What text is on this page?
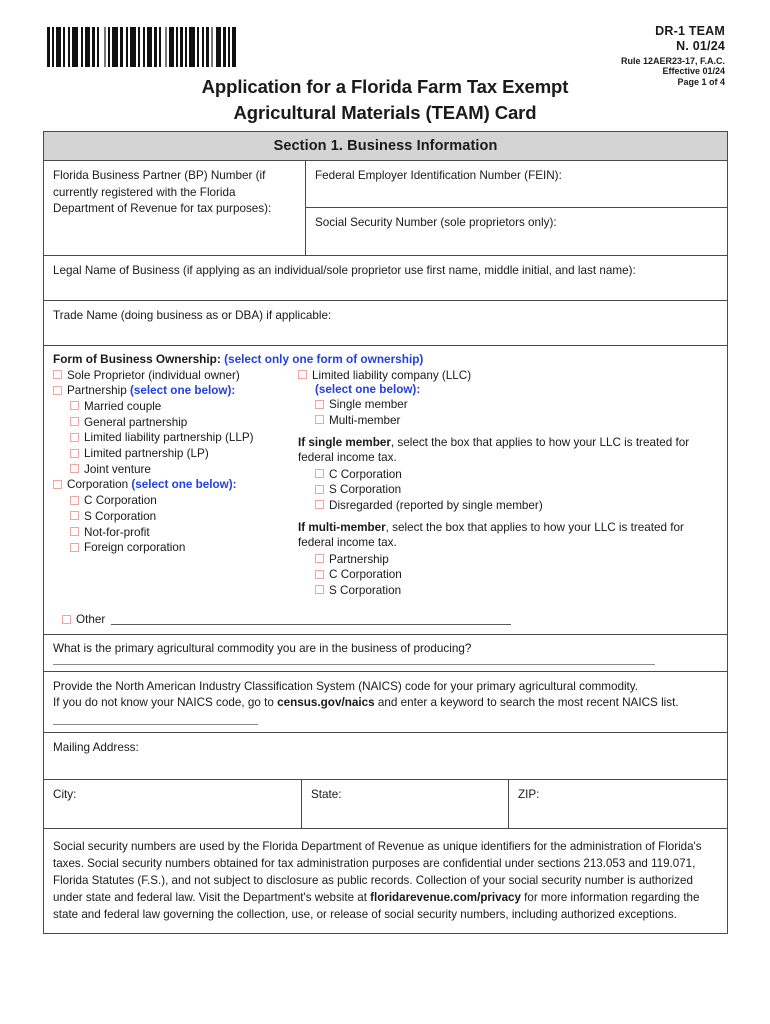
DR-1 TEAM
N. 01/24
Rule 12AER23-17, F.A.C.
Effective 01/24
Page 1 of 4
Application for a Florida Farm Tax Exempt
Agricultural Materials (TEAM) Card
Section 1. Business Information
Florida Business Partner (BP) Number (if currently registered with the Florida Department of Revenue for tax purposes):
Federal Employer Identification Number (FEIN):
Social Security Number (sole proprietors only):
Legal Name of Business (if applying as an individual/sole proprietor use first name, middle initial, and last name):
Trade Name (doing business as or DBA) if applicable:
Form of Business Ownership: (select only one form of ownership)
Sole Proprietor (individual owner)
Partnership (select one below):
Married couple
General partnership
Limited liability partnership (LLP)
Limited partnership (LP)
Joint venture
Corporation (select one below):
C Corporation
S Corporation
Not-for-profit
Foreign corporation
Limited liability company (LLC)
(select one below):
Single member
Multi-member
If single member, select the box that applies to how your LLC is treated for federal income tax.
C Corporation
S Corporation
Disregarded (reported by single member)
If multi-member, select the box that applies to how your LLC is treated for federal income tax.
Partnership
C Corporation
S Corporation
Other
What is the primary agricultural commodity you are in the business of producing?
Provide the North American Industry Classification System (NAICS) code for your primary agricultural commodity.
If you do not know your NAICS code, go to census.gov/naics and enter a keyword to search the most recent NAICS list.
Mailing Address:
City:	State:	ZIP:
Social security numbers are used by the Florida Department of Revenue as unique identifiers for the administration of Florida's taxes. Social security numbers obtained for tax administration purposes are confidential under sections 213.053 and 119.071, Florida Statutes (F.S.), and not subject to disclosure as public records. Collection of your social security number is authorized under state and federal law. Visit the Department's website at floridarevenue.com/privacy for more information regarding the state and federal law governing the collection, use, or release of social security numbers, including authorized exceptions.
